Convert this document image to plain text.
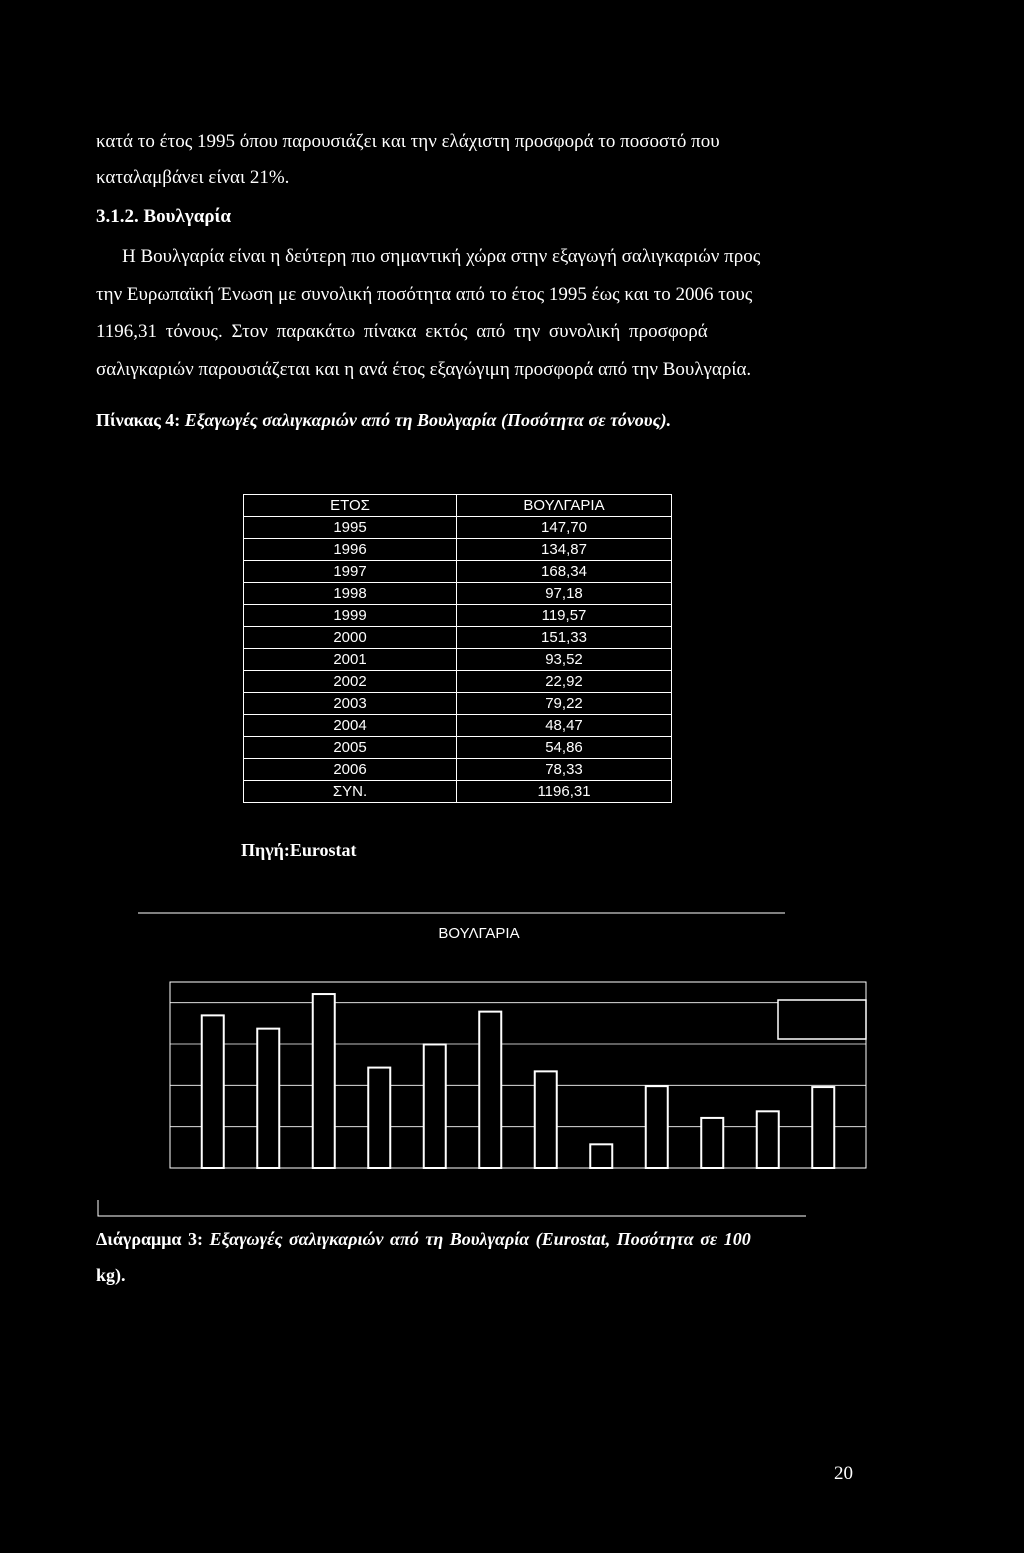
κατά το έτος 1995 όπου παρουσιάζει και την ελάχιστη προσφορά το ποσοστό που
καταλαμβάνει είναι 21%.
3.1.2. Βουλγαρία
Η Βουλγαρία είναι η δεύτερη πιο σημαντική χώρα στην εξαγωγή σαλιγκαριών προς
την Ευρωπαϊκή Ένωση με συνολική ποσότητα από το έτος 1995 έως και το 2006 τους
1196,31 τόνους. Στον παρακάτω πίνακα εκτός από την συνολική προσφορά
σαλιγκαριών παρουσιάζεται και η ανά έτος εξαγώγιμη προσφορά από την Βουλγαρία.
Πίνακας 4: Εξαγωγές σαλιγκαριών από τη Βουλγαρία (Ποσότητα σε τόνους).
ΕΤΟΣ	ΒΟΥΛΓΑΡΙΑ
1995	147,70
1996	134,87
1997	168,34
1998	97,18
1999	119,57
2000	151,33
2001	93,52
2002	22,92
2003	79,22
2004	48,47
2005	54,86
2006	78,33
ΣΥΝ.	1196,31
Πηγή:Eurostat
ΒΟΥΛΓΑΡΙΑ
Διάγραμμα 3: Εξαγωγές σαλιγκαριών από τη Βουλγαρία (Eurostat, Ποσότητα σε 100
kg).
20
